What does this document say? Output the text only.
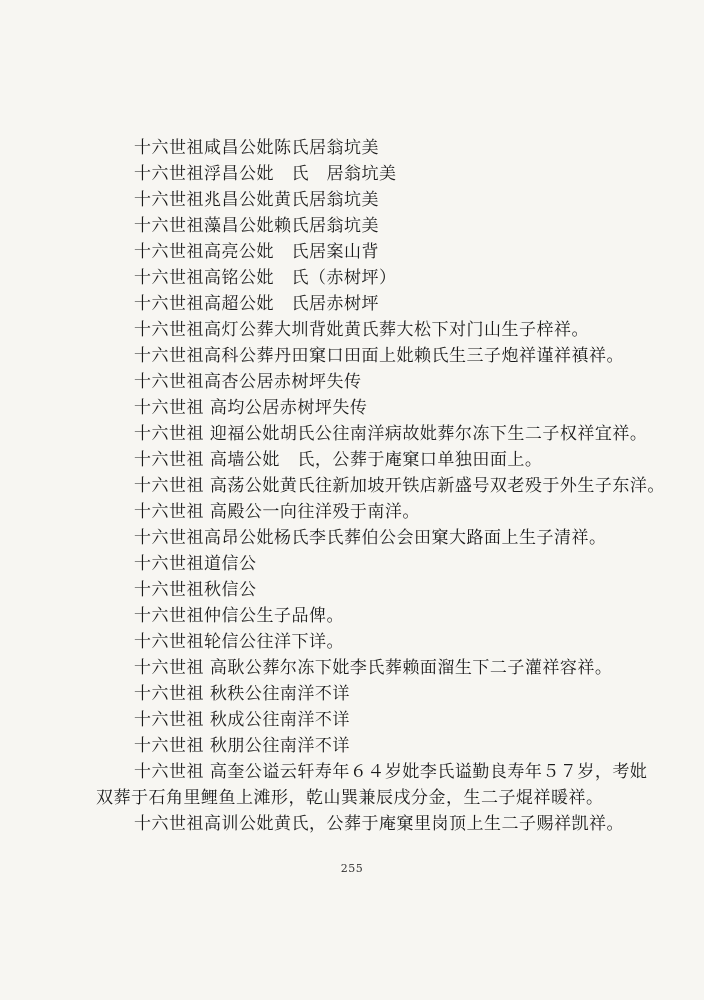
十六世祖咸昌公妣陈氏居翁坑美
十六世祖浮昌公妣　氏　居翁坑美
十六世祖兆昌公妣黄氏居翁坑美
十六世祖藻昌公妣赖氏居翁坑美
十六世祖高亮公妣　氏居案山背
十六世祖高铭公妣　氏（赤树坪）
十六世祖高超公妣　氏居赤树坪
十六世祖高灯公葬大圳背妣黄氏葬大松下对门山生子梓祥。
十六世祖高科公葬丹田窠口田面上妣赖氏生三子炮祥谨祥禛祥。
十六世祖高杏公居赤树坪失传
十六世祖 高均公居赤树坪失传
十六世祖 迎福公妣胡氏公往南洋病故妣葬尔冻下生二子权祥宜祥。
十六世祖 高墙公妣　氏，公葬于庵窠口单独田面上。
十六世祖 高荡公妣黄氏往新加坡开铁店新盛号双老殁于外生子东洋。
十六世祖 高殿公一向往洋殁于南洋。
十六世祖高昂公妣杨氏李氏葬伯公会田窠大路面上生子清祥。
十六世祖道信公
十六世祖秋信公
十六世祖仲信公生子品俾。
十六世祖轮信公往洋下详。
十六世祖 高耿公葬尔冻下妣李氏葬赖面溜生下二子灌祥容祥。
十六世祖 秋秩公往南洋不详
十六世祖 秋成公往南洋不详
十六世祖 秋朋公往南洋不详
十六世祖 高奎公谥云轩寿年６４岁妣李氏谥勤良寿年５７岁，考妣
双葬于石角里鲤鱼上滩形，乾山巽兼辰戌分金，生二子焜祥暖祥。
十六世祖高训公妣黄氏，公葬于庵窠里岗顶上生二子赐祥凯祥。
255
